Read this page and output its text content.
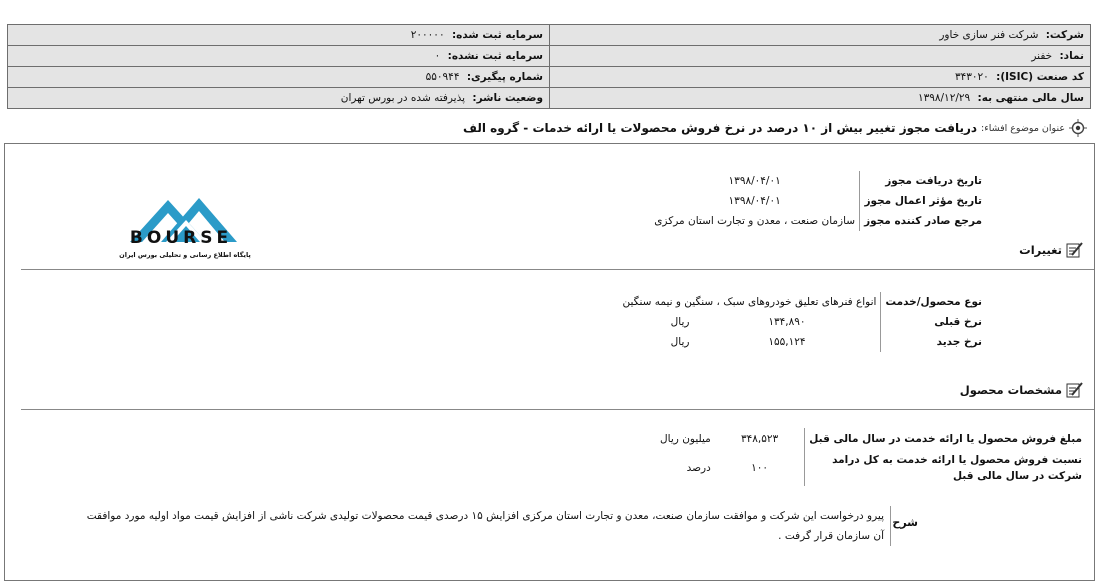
شرکت: شرکت فنر سازی خاور	سرمایه ثبت شده: ۲۰۰۰۰۰
نماد: خفنر	سرمایه ثبت نشده: ۰
کد صنعت (ISIC): ۳۴۳۰۲۰	شماره پیگیری: ۵۵۰۹۴۴
سال مالی منتهی به: ۱۳۹۸/۱۲/۲۹	وضعیت ناشر: پذیرفته شده در بورس تهران
عنوان موضوع افشاء:
دریافت مجوز تغییر بیش از ۱۰ درصد در نرخ فروش محصولات یا ارائه خدمات - گروه الف
تاریخ دریافت مجوز	۱۳۹۸/۰۴/۰۱
تاریخ مؤثر اعمال مجوز	۱۳۹۸/۰۴/۰۱
مرجع صادر کننده مجوز	سازمان صنعت ، معدن و تجارت استان مرکزی
BOURSE
پایگاه اطلاع رسانی و تحلیلی بورس ایران	تغییرات
نوع محصول/خدمت	انواع فنرهای تعلیق خودروهای سبک ، سنگین و نیمه سنگین	
نرخ قبلی	۱۳۴,۸۹۰	ریال
نرخ جدید	۱۵۵,۱۲۴	ریال
مشخصات محصول
مبلغ فروش محصول یا ارائه خدمت در سال مالی قبل	۳۴۸,۵۲۳	میلیون ریال

نسبت فروش محصول یا ارائه خدمت به کل درامد
شرکت در سال مالی قبل	۱۰۰	درصد
شرح
پیرو درخواست این شرکت و موافقت سازمان صنعت، معدن و تجارت استان مرکزی افزایش ۱۵ درصدی قیمت محصولات تولیدی شرکت ناشی از افزایش قیمت مواد اولیه مورد موافقت آن سازمان قرار گرفت .
